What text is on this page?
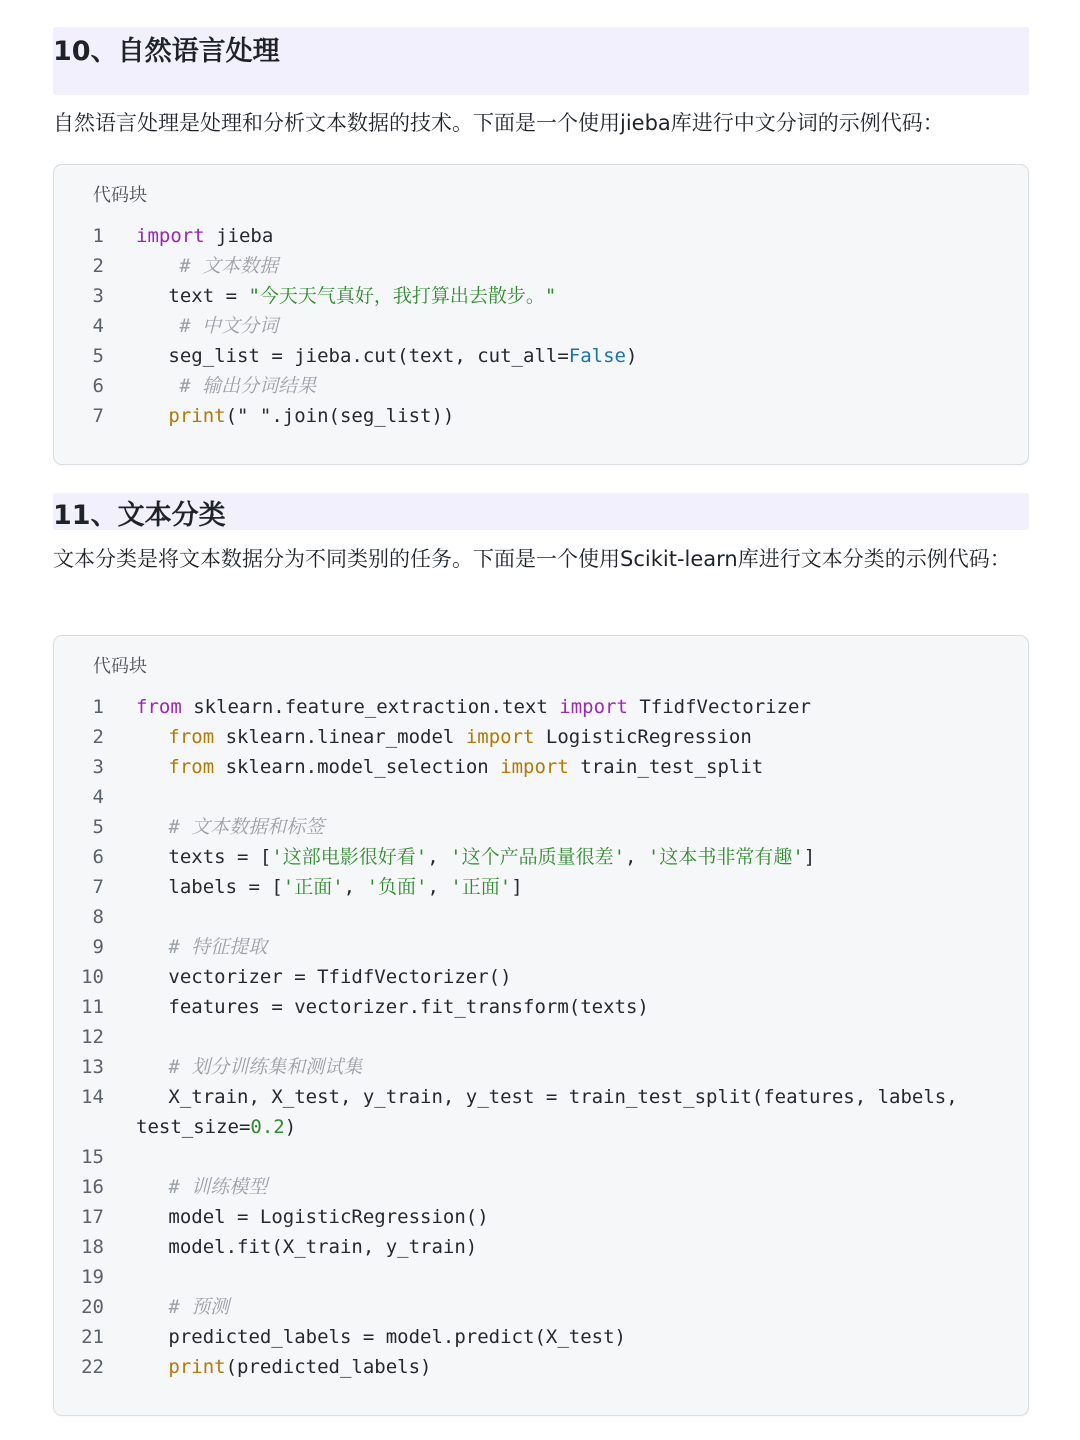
10、自然语言处理
自然语言处理是处理和分析文本数据的技术。下面是一个使用jieba库进行中文分词的示例代码：
代码块
1 import jieba
2	# 文本数据
3	text = "今天天气真好，我打算出去散步。"
4	# 中文分词
5	seg_list = jieba.cut(text, cut_all=False)
6	# 输出分词结果
7	print(" ".join(seg_list))
11、文本分类
文本分类是将文本数据分为不同类别的任务。下面是一个使用Scikit-learn库进行文本分类的示例代码：
代码块
1 from sklearn.feature_extraction.text import TfidfVectorizer
2	from sklearn.linear_model import LogisticRegression
3	from sklearn.model_selection import train_test_split
4
5	# 文本数据和标签
6	texts = ['这部电影很好看', '这个产品质量很差', '这本书非常有趣']
7	labels = ['正面', '负面', '正面']
8
9	# 特征提取
10	vectorizer = TfidfVectorizer()
11	features = vectorizer.fit_transform(texts)
12
13	# 划分训练集和测试集
14	X_train, X_test, y_train, y_test = train_test_split(features, labels,
test_size=0.2)
15
16	# 训练模型
17	model = LogisticRegression()
18	model.fit(X_train, y_train)
19
20	# 预测
21	predicted_labels = model.predict(X_test)
22	print(predicted_labels)
